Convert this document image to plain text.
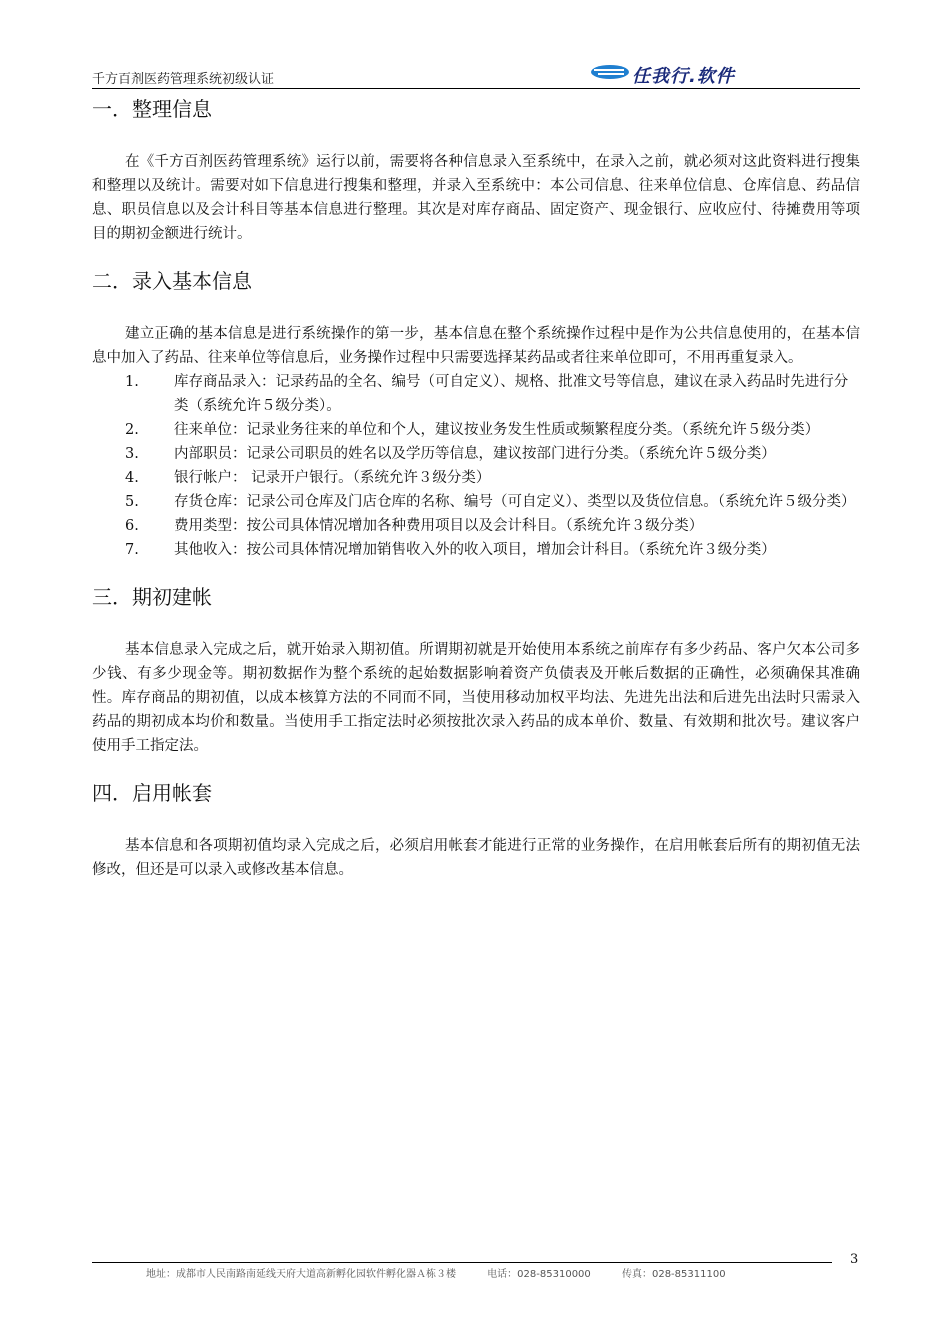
千方百剂医药管理系统初级认证	任我行.软件
一．整理信息

在《千方百剂医药管理系统》运行以前，需要将各种信息录入至系统中，在录入之前，就必须对这此资料进行搜集和整理以及统计。需要对如下信息进行搜集和整理，并录入至系统中：本公司信息、往来单位信息、仓库信息、药品信息、职员信息以及会计科目等基本信息进行整理。其次是对库存商品、固定资产、现金银行、应收应付、待摊费用等项目的期初金额进行统计。

二．录入基本信息

建立正确的基本信息是进行系统操作的第一步，基本信息在整个系统操作过程中是作为公共信息使用的，在基本信息中加入了药品、往来单位等信息后，业务操作过程中只需要选择某药品或者往来单位即可，不用再重复录入。

1. 库存商品录入：记录药品的全名、编号（可自定义）、规格、批准文号等信息，建议在录入药品时先进行分类（系统允许５级分类）。
2. 往来单位：记录业务往来的单位和个人，建议按业务发生性质或频繁程度分类。（系统允许５级分类）
3. 内部职员：记录公司职员的姓名以及学历等信息，建议按部门进行分类。（系统允许５级分类）
4. 银行帐户： 记录开户银行。（系统允许３级分类）
5. 存货仓库：记录公司仓库及门店仓库的名称、编号（可自定义）、类型以及货位信息。（系统允许５级分类）
6. 费用类型：按公司具体情况增加各种费用项目以及会计科目。（系统允许３级分类）
7. 其他收入：按公司具体情况增加销售收入外的收入项目，增加会计科目。（系统允许３级分类）
三．期初建帐

基本信息录入完成之后，就开始录入期初值。所谓期初就是开始使用本系统之前库存有多少药品、客户欠本公司多少钱、有多少现金等。期初数据作为整个系统的起始数据影响着资产负债表及开帐后数据的正确性，必须确保其准确性。库存商品的期初值，以成本核算方法的不同而不同，当使用移动加权平均法、先进先出法和后进先出法时只需录入药品的期初成本均价和数量。当使用手工指定法时必须按批次录入药品的成本单价、数量、有效期和批次号。建议客户使用手工指定法。

四．启用帐套

基本信息和各项期初值均录入完成之后，必须启用帐套才能进行正常的业务操作，在启用帐套后所有的期初值无法修改，但还是可以录入或修改基本信息。

3
地址：成都市人民南路南延线天府大道高新孵化园软件孵化器Ａ栋３楼	电话：028-85310000	传真：028-85311100
